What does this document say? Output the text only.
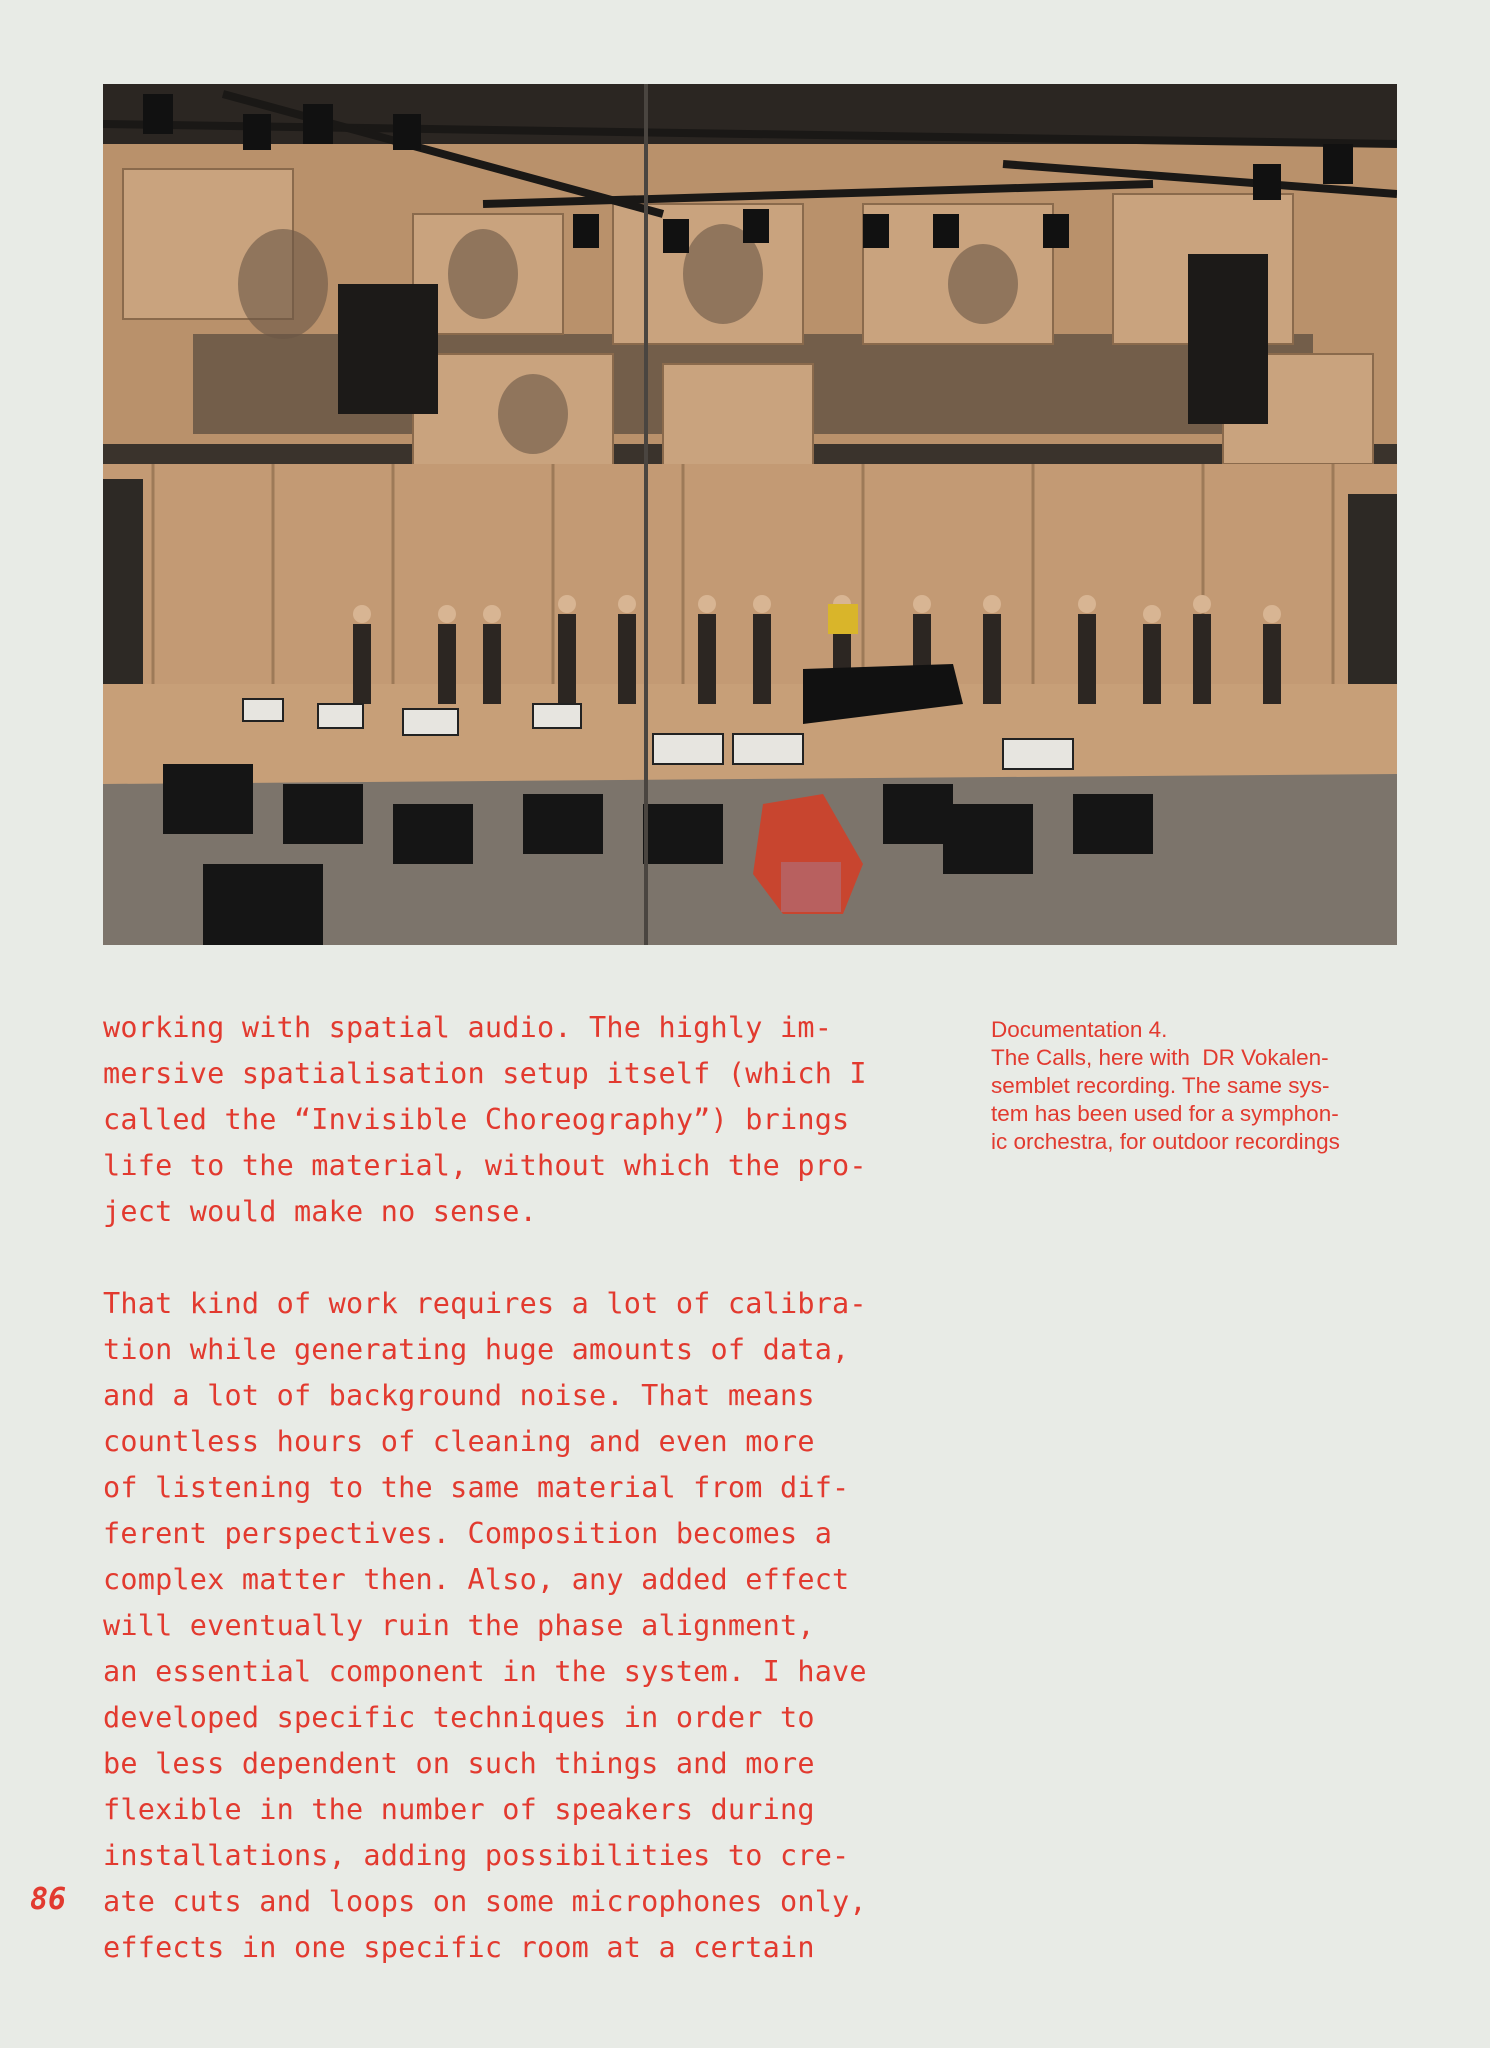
working with spatial audio. The highly im-
mersive spatialisation setup itself (which I
called the “Invisible Choreography”) brings
life to the material, without which the pro-
ject would make no sense.
That kind of work requires a lot of calibra-
tion while generating huge amounts of data,
and a lot of background noise. That means
countless hours of cleaning and even more
of listening to the same material from dif-
ferent perspectives. Composition becomes a
complex matter then. Also, any added effect
will eventually ruin the phase alignment,
an essential component in the system. I have
developed specific techniques in order to
be less dependent on such things and more
flexible in the number of speakers during
installations, adding possibilities to cre-
ate cuts and loops on some microphones only,
effects in one specific room at a certain
Documentation 4.
The Calls, here with  DR Vokalen-
semblet recording. The same sys-
tem has been used for a symphon-
ic orchestra, for outdoor recordings
86
